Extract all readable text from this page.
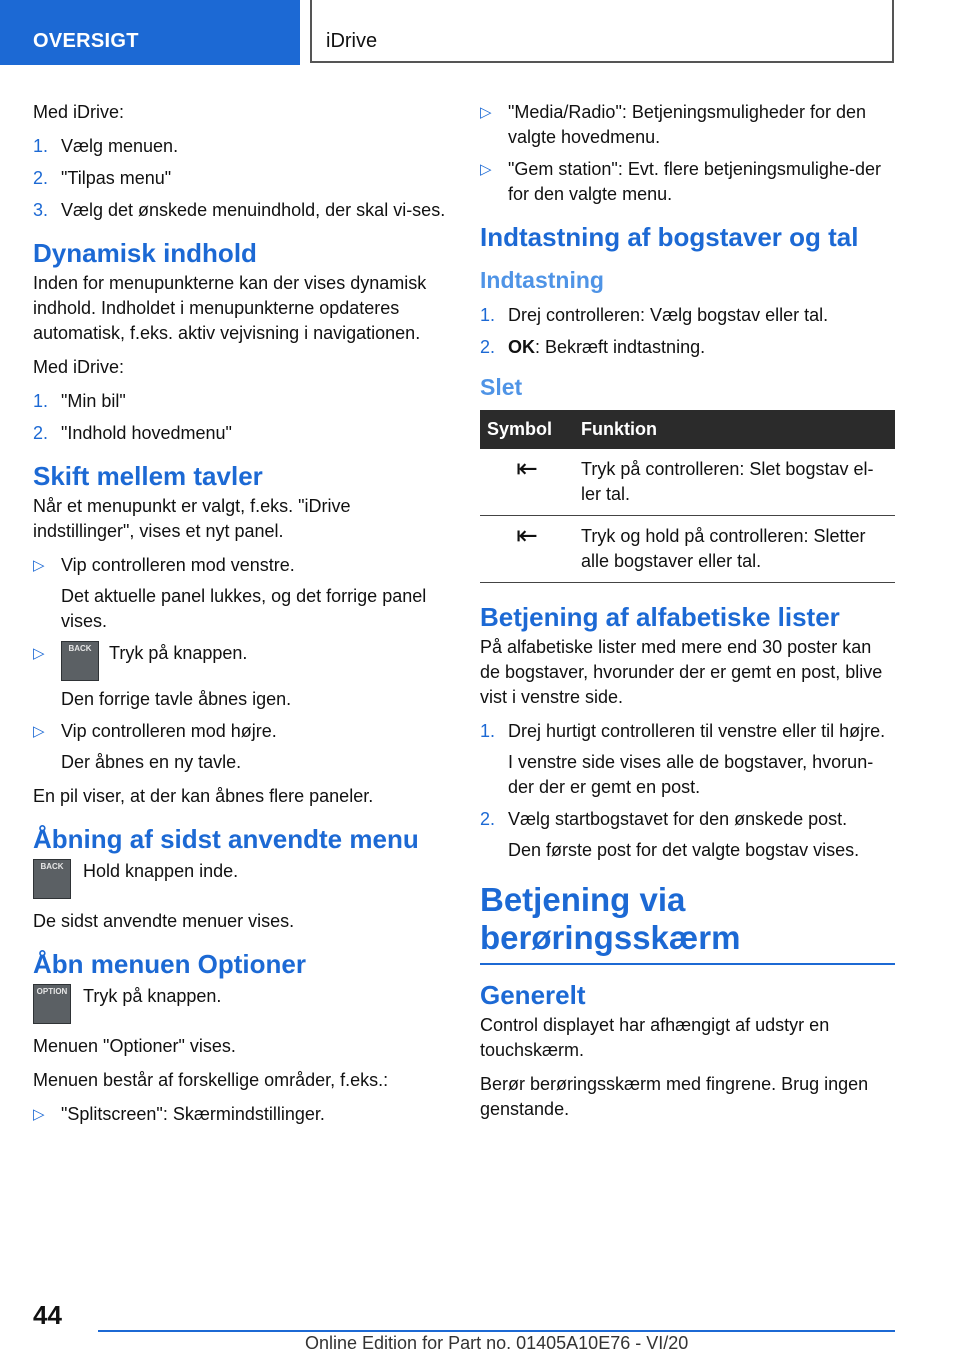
OVERSIGT	iDrive

Med iDrive:

1. Vælg menuen.
2. "Tilpas menu"
3. Vælg det ønskede menuindhold, der skal vi-ses.
Dynamisk indhold

Inden for menupunkterne kan der vises dynamisk indhold. Indholdet i menupunkterne opdateres automatisk, f.eks. aktiv vejvisning i navigationen.

Med iDrive:

1. "Min bil"
2. "Indhold hovedmenu"
Skift mellem tavler

Når et menupunkt er valgt, f.eks. "iDrive indstillinger", vises et nyt panel.

▷ Vip controlleren mod venstre.
Det aktuelle panel lukkes, og det forrige panel vises.
▷	BACK Tryk på knappen.
Den forrige tavle åbnes igen.
▷ Vip controlleren mod højre.
Der åbnes en ny tavle.

En pil viser, at der kan åbnes flere paneler.

Åbning af sidst anvendte menu
BACK	Hold knappen inde.

De sidst anvendte menuer vises.

Åbn menuen Optioner
OPTION Tryk på knappen.

Menuen "Optioner" vises.

Menuen består af forskellige områder, f.eks.:

▷ "Splitscreen": Skærmindstillinger.
▷ "Media/Radio": Betjeningsmuligheder for den valgte hovedmenu.
▷ "Gem station": Evt. flere betjeningsmulighe-der for den valgte menu.
Indtastning af bogstaver og tal
Indtastning
1. Drej controlleren: Vælg bogstav eller tal.
2. OK: Bekræft indtastning.
Slet
Symbol	Funktion
⇤	Tryk på controlleren: Slet bogstav el-ler tal.
⇤	Tryk og hold på controlleren: Sletter alle bogstaver eller tal.
Betjening af alfabetiske lister

På alfabetiske lister med mere end 30 poster kan de bogstaver, hvorunder der er gemt en post, blive vist i venstre side.

1. Drej hurtigt controlleren til venstre eller til højre.
I venstre side vises alle de bogstaver, hvorun-der der er gemt en post.
2. Vælg startbogstavet for den ønskede post.
Den første post for det valgte bogstav vises.
Betjening via berøringsskærm
Generelt

Control displayet har afhængigt af udstyr en touchskærm.

Berør berøringsskærm med fingrene. Brug ingen genstande.

44
Online Edition for Part no. 01405A10E76 - VI/20
